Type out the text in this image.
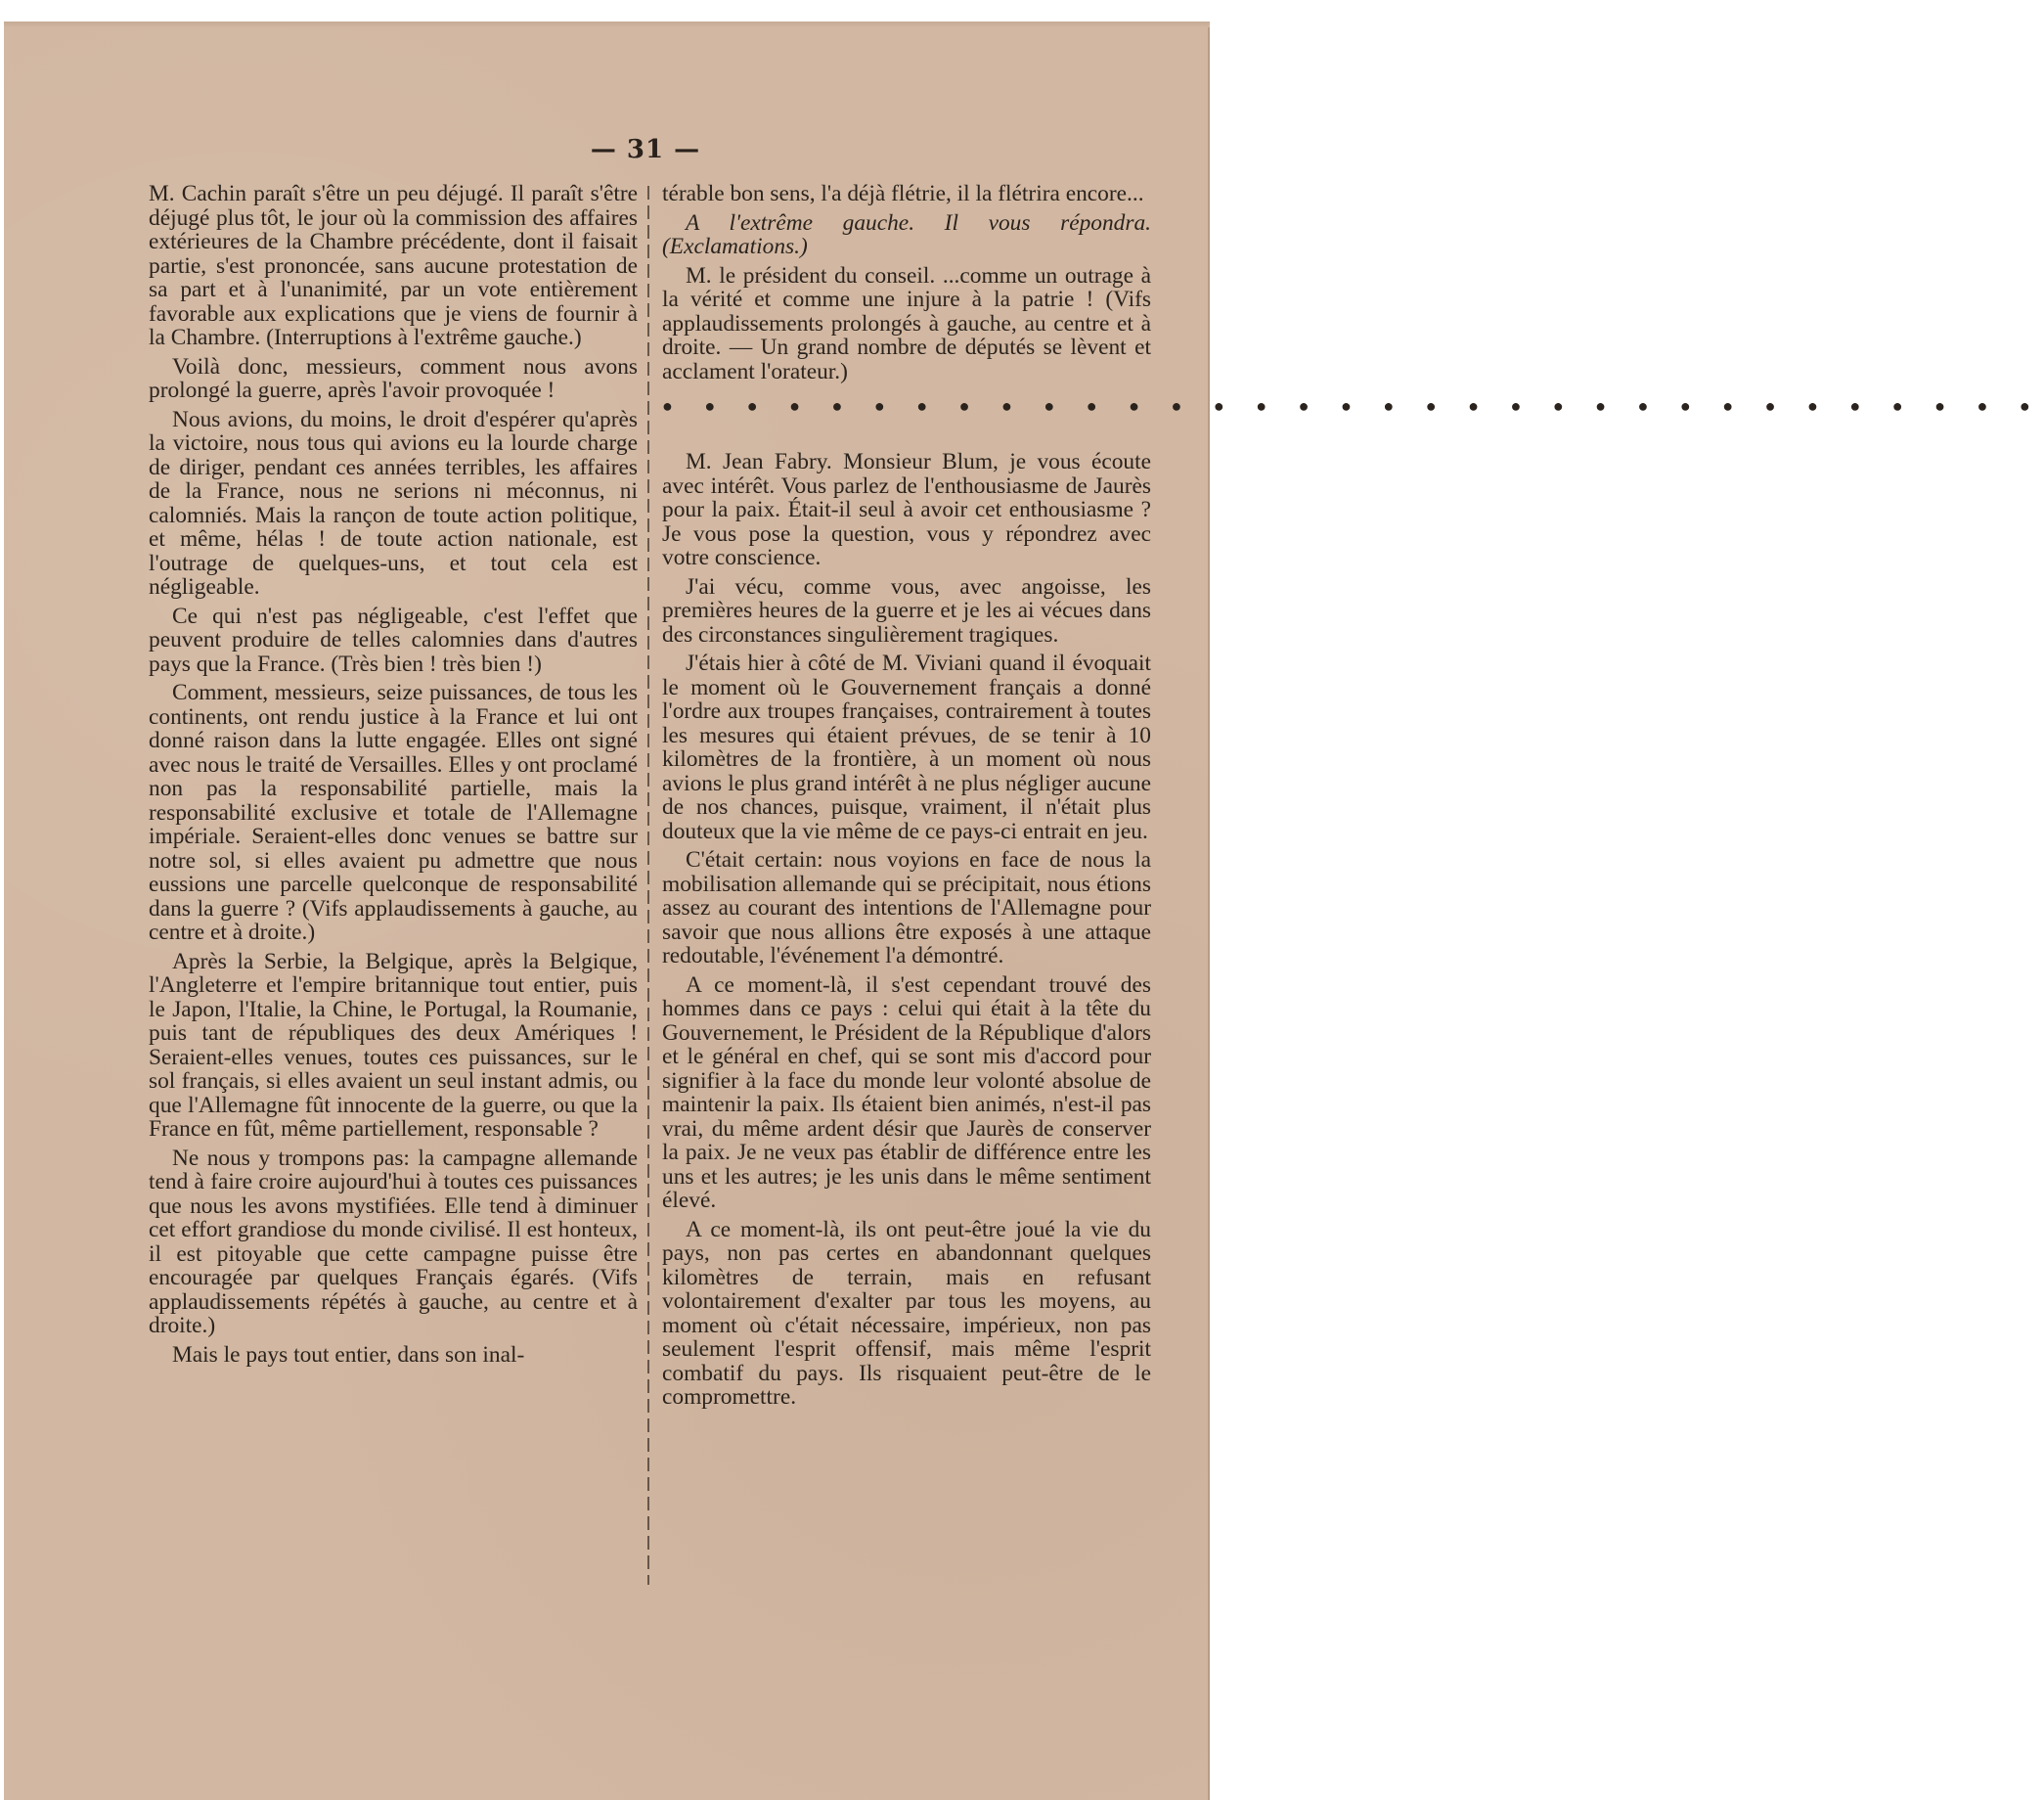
— 31 —

M. Cachin paraît s'être un peu déjugé. Il paraît s'être déjugé plus tôt, le jour où la commission des affaires extérieures de la Chambre précédente, dont il faisait partie, s'est prononcée, sans aucune protestation de sa part et à l'unanimité, par un vote entièrement favorable aux explications que je viens de fournir à la Chambre. (Interruptions à l'extrême gauche.)

Voilà donc, messieurs, comment nous avons prolongé la guerre, après l'avoir provoquée !

Nous avions, du moins, le droit d'espérer qu'après la victoire, nous tous qui avions eu la lourde charge de diriger, pendant ces années terribles, les affaires de la France, nous ne serions ni méconnus, ni calomniés. Mais la rançon de toute action politique, et même, hélas ! de toute action nationale, est l'outrage de quelques-uns, et tout cela est négligeable.

Ce qui n'est pas négligeable, c'est l'effet que peuvent produire de telles calomnies dans d'autres pays que la France. (Très bien ! très bien !)

Comment, messieurs, seize puissances, de tous les continents, ont rendu justice à la France et lui ont donné raison dans la lutte engagée. Elles ont signé avec nous le traité de Versailles. Elles y ont proclamé non pas la responsabilité partielle, mais la responsabilité exclusive et totale de l'Allemagne impériale. Seraient-elles donc venues se battre sur notre sol, si elles avaient pu admettre que nous eussions une parcelle quelconque de responsabilité dans la guerre ? (Vifs applaudissements à gauche, au centre et à droite.)

Après la Serbie, la Belgique, après la Belgique, l'Angleterre et l'empire britannique tout entier, puis le Japon, l'Italie, la Chine, le Portugal, la Roumanie, puis tant de républiques des deux Amériques ! Seraient-elles venues, toutes ces puissances, sur le sol français, si elles avaient un seul instant admis, ou que l'Allemagne fût innocente de la guerre, ou que la France en fût, même partiellement, responsable ?

Ne nous y trompons pas: la campagne allemande tend à faire croire aujourd'hui à toutes ces puissances que nous les avons mystifiées. Elle tend à diminuer cet effort grandiose du monde civilisé. Il est honteux, il est pitoyable que cette campagne puisse être encouragée par quelques Français égarés. (Vifs applaudissements répétés à gauche, au centre et à droite.)

Mais le pays tout entier, dans son inal-

térable bon sens, l'a déjà flétrie, il la flétrira encore...

A l'extrême gauche. Il vous répondra. (Exclamations.)

M. le président du conseil. ...comme un outrage à la vérité et comme une injure à la patrie ! (Vifs applaudissements prolongés à gauche, au centre et à droite. — Un grand nombre de députés se lèvent et acclament l'orateur.)

● ● ● ● ● ● ● ● ● ● ● ● ● ● ● ● ● ● ● ● ● ● ● ● ● ● ● ● ● ● ● ● ●

M. Jean Fabry. Monsieur Blum, je vous écoute avec intérêt. Vous parlez de l'enthousiasme de Jaurès pour la paix. Était-il seul à avoir cet enthousiasme ? Je vous pose la question, vous y répondrez avec votre conscience.

J'ai vécu, comme vous, avec angoisse, les premières heures de la guerre et je les ai vécues dans des circonstances singulièrement tragiques.

J'étais hier à côté de M. Viviani quand il évoquait le moment où le Gouvernement français a donné l'ordre aux troupes françaises, contrairement à toutes les mesures qui étaient prévues, de se tenir à 10 kilomètres de la frontière, à un moment où nous avions le plus grand intérêt à ne plus négliger aucune de nos chances, puisque, vraiment, il n'était plus douteux que la vie même de ce pays-ci entrait en jeu.

C'était certain: nous voyions en face de nous la mobilisation allemande qui se précipitait, nous étions assez au courant des intentions de l'Allemagne pour savoir que nous allions être exposés à une attaque redoutable, l'événement l'a démontré.

A ce moment-là, il s'est cependant trouvé des hommes dans ce pays : celui qui était à la tête du Gouvernement, le Président de la République d'alors et le général en chef, qui se sont mis d'accord pour signifier à la face du monde leur volonté absolue de maintenir la paix. Ils étaient bien animés, n'est-il pas vrai, du même ardent désir que Jaurès de conserver la paix. Je ne veux pas établir de différence entre les uns et les autres; je les unis dans le même sentiment élevé.

A ce moment-là, ils ont peut-être joué la vie du pays, non pas certes en abandonnant quelques kilomètres de terrain, mais en refusant volontairement d'exalter par tous les moyens, au moment où c'était nécessaire, impérieux, non pas seulement l'esprit offensif, mais même l'esprit combatif du pays. Ils risquaient peut-être de le compromettre.
